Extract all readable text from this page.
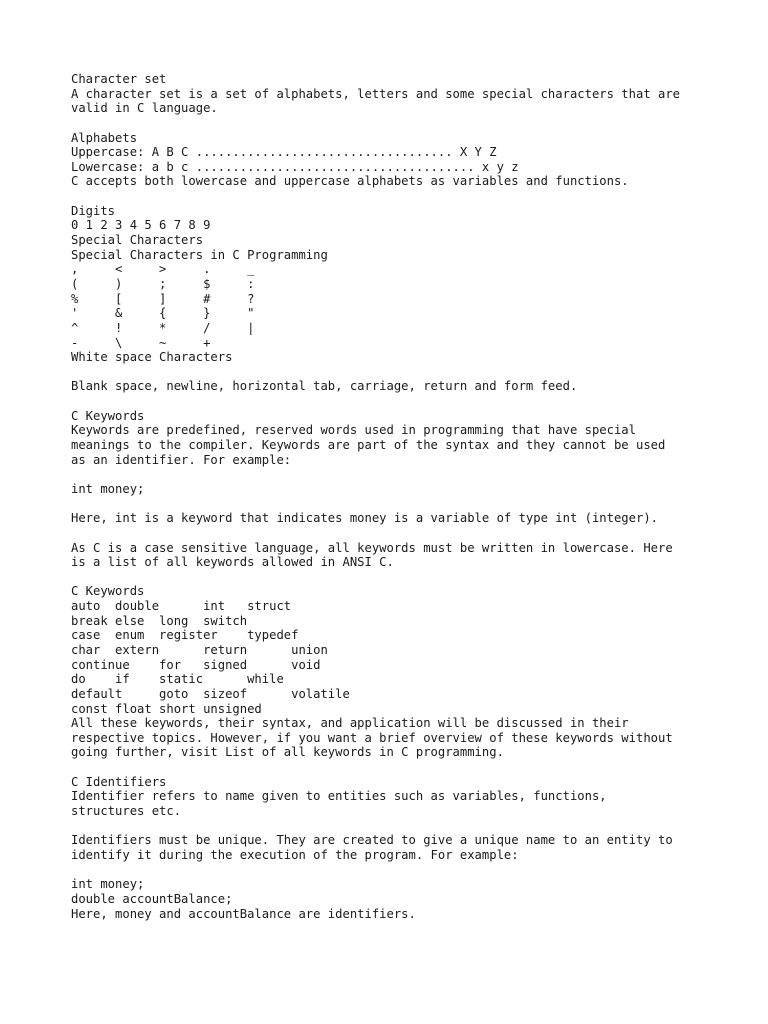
Character set
A character set is a set of alphabets, letters and some special characters that are
valid in C language.
Alphabets
Uppercase: A B C ................................... X Y Z
Lowercase: a b c ...................................... x y z
C accepts both lowercase and uppercase alphabets as variables and functions.
Digits
0 1 2 3 4 5 6 7 8 9
Special Characters
Special Characters in C Programming
,     <     >     .     _
(     )     ;     $     :
%     [     ]     #     ?
'     &     {     }     "
^     !     *     /     |
-     \     ~     +
White space Characters
Blank space, newline, horizontal tab, carriage, return and form feed.
C Keywords
Keywords are predefined, reserved words used in programming that have special
meanings to the compiler. Keywords are part of the syntax and they cannot be used
as an identifier. For example:
int money;
Here, int is a keyword that indicates money is a variable of type int (integer).
As C is a case sensitive language, all keywords must be written in lowercase. Here
is a list of all keywords allowed in ANSI C.
C Keywords
auto  double      int   struct
break else  long  switch
case  enum  register    typedef
char  extern      return      union
continue    for   signed      void
do    if    static      while
default     goto  sizeof      volatile
const float short unsigned
All these keywords, their syntax, and application will be discussed in their
respective topics. However, if you want a brief overview of these keywords without
going further, visit List of all keywords in C programming.
C Identifiers
Identifier refers to name given to entities such as variables, functions,
structures etc.
Identifiers must be unique. They are created to give a unique name to an entity to
identify it during the execution of the program. For example:
int money;
double accountBalance;
Here, money and accountBalance are identifiers.
